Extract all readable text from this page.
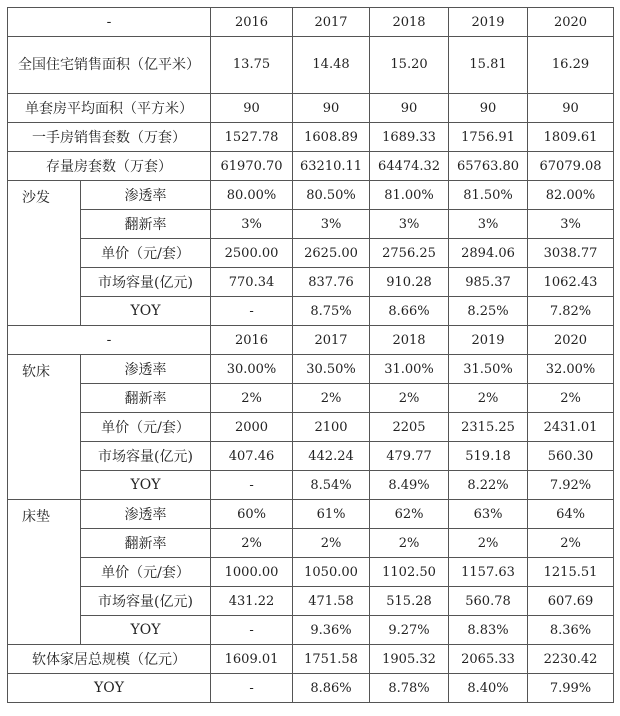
-		2016	2017	2018	2019	2020
全国住宅销售面积（亿平米）		13.75	14.48	15.20	15.81	16.29
单套房平均面积（平方米）		90	90	90	90	90
一手房销售套数（万套）		1527.78	1608.89	1689.33	1756.91	1809.61
存量房套数（万套）		61970.70	63210.11	64474.32	65763.80	67079.08
沙发	渗透率	80.00%	80.50%	81.00%	81.50%	82.00%
	翻新率	3%	3%	3%	3%	3%
	单价（元/套）	2500.00	2625.00	2756.25	2894.06	3038.77
	市场容量(亿元)	770.34	837.76	910.28	985.37	1062.43
	YOY	-	8.75%	8.66%	8.25%	7.82%
-		2016	2017	2018	2019	2020
软床	渗透率	30.00%	30.50%	31.00%	31.50%	32.00%
	翻新率	2%	2%	2%	2%	2%
	单价（元/套）	2000	2100	2205	2315.25	2431.01
	市场容量(亿元)	407.46	442.24	479.77	519.18	560.30
	YOY	-	8.54%	8.49%	8.22%	7.92%
床垫	渗透率	60%	61%	62%	63%	64%
	翻新率	2%	2%	2%	2%	2%
	单价（元/套）	1000.00	1050.00	1102.50	1157.63	1215.51
	市场容量(亿元)	431.22	471.58	515.28	560.78	607.69
	YOY	-	9.36%	9.27%	8.83%	8.36%
软体家居总规模（亿元）		1609.01	1751.58	1905.32	2065.33	2230.42
YOY		-	8.86%	8.78%	8.40%	7.99%
